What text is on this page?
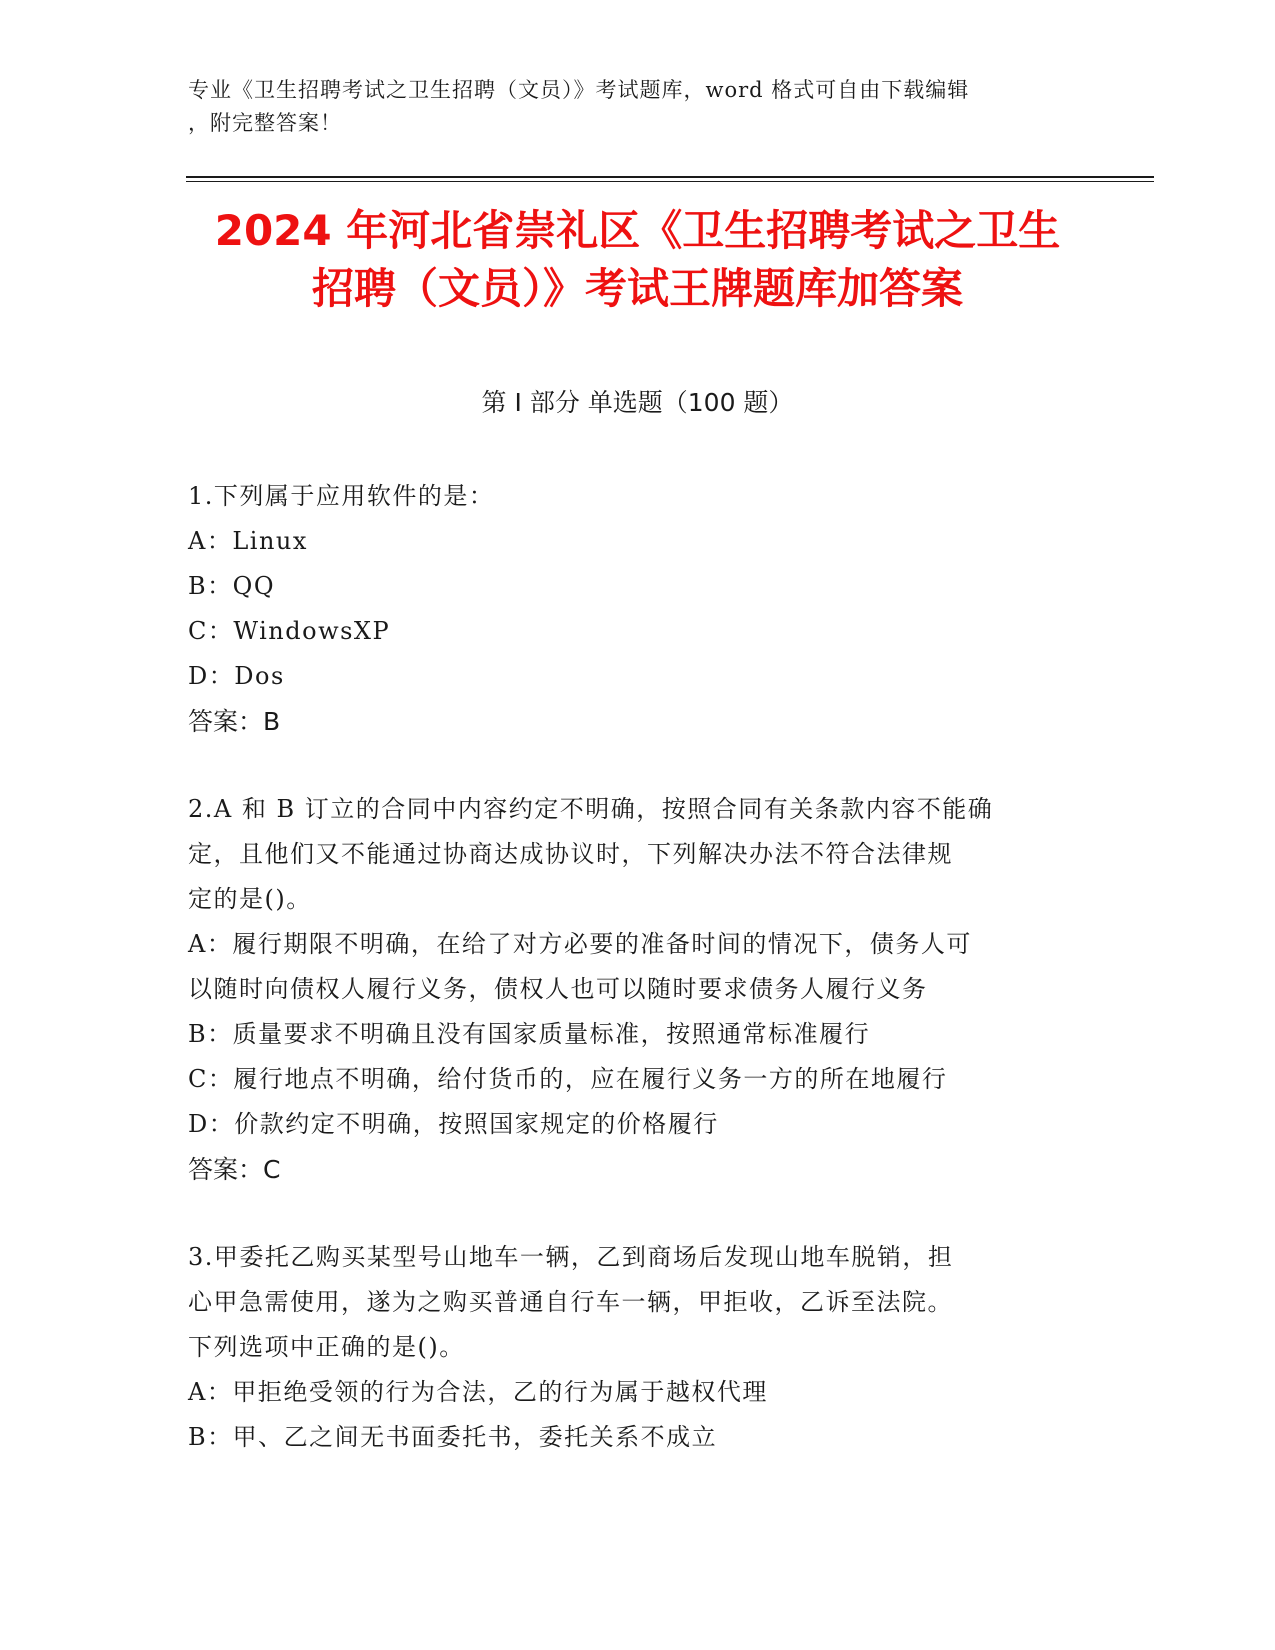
专业《卫生招聘考试之卫生招聘（文员）》考试题库，word 格式可自由下载编辑
，附完整答案！
2024 年河北省崇礼区《卫生招聘考试之卫生
招聘（文员）》考试王牌题库加答案
第 I 部分 单选题（100 题）
1.下列属于应用软件的是：
A：Linux
B：QQ
C：WindowsXP
D：Dos
答案：B
2.A 和 B 订立的合同中内容约定不明确，按照合同有关条款内容不能确
定，且他们又不能通过协商达成协议时，下列解决办法不符合法律规
定的是()。
A：履行期限不明确，在给了对方必要的准备时间的情况下，债务人可
以随时向债权人履行义务，债权人也可以随时要求债务人履行义务
B：质量要求不明确且没有国家质量标准，按照通常标准履行
C：履行地点不明确，给付货币的，应在履行义务一方的所在地履行
D：价款约定不明确，按照国家规定的价格履行
答案：C
3.甲委托乙购买某型号山地车一辆，乙到商场后发现山地车脱销，担
心甲急需使用，遂为之购买普通自行车一辆，甲拒收，乙诉至法院。
下列选项中正确的是()。
A：甲拒绝受领的行为合法，乙的行为属于越权代理
B：甲、乙之间无书面委托书，委托关系不成立
